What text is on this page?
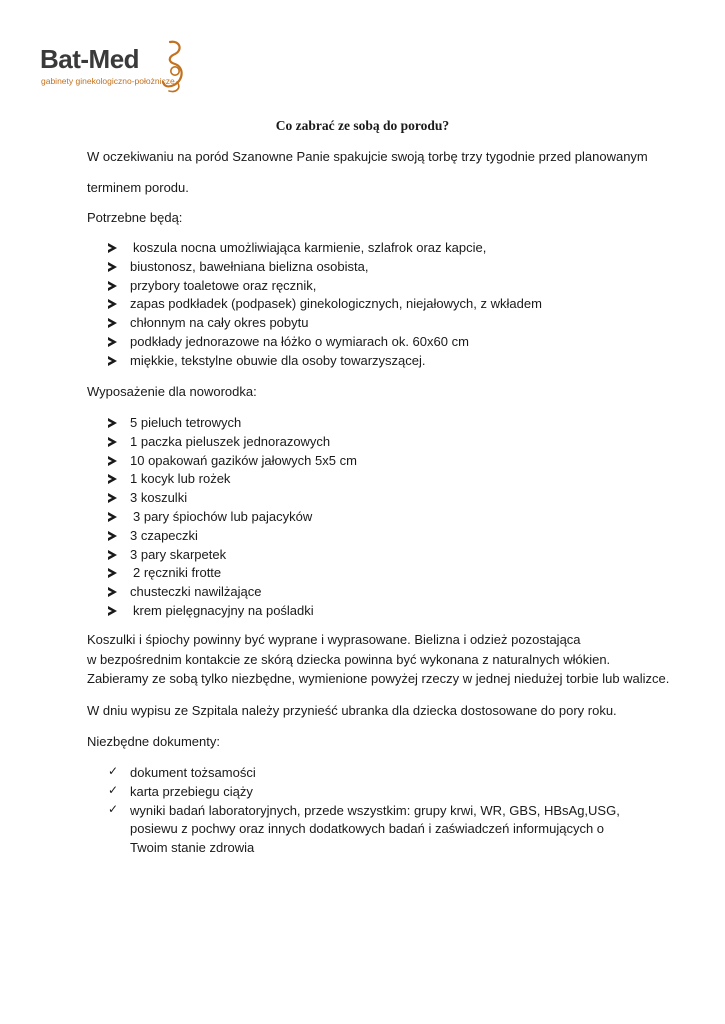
Bat-Med
gabinety ginekologiczno-położnicze
Co zabrać ze sobą do porodu?
W oczekiwaniu na poród Szanowne Panie spakujcie swoją torbę trzy tygodnie przed planowanym
terminem porodu.
Potrzebne będą:
koszula nocna umożliwiająca karmienie, szlafrok oraz kapcie,
biustonosz, bawełniana bielizna osobista,
przybory toaletowe oraz ręcznik,
zapas podkładek (podpasek) ginekologicznych, niejałowych, z wkładem
chłonnym na cały okres pobytu
podkłady jednorazowe na łóżko o wymiarach ok. 60x60 cm
miękkie, tekstylne obuwie dla osoby towarzyszącej.
Wyposażenie dla noworodka:
5 pieluch tetrowych
1 paczka pieluszek jednorazowych
10 opakowań gazików jałowych 5x5 cm
1 kocyk lub rożek
3 koszulki
3 pary śpiochów lub pajacyków
3 czapeczki
3 pary skarpetek
2 ręczniki frotte
chusteczki nawilżające
krem pielęgnacyjny na pośladki
Koszulki i śpiochy powinny być wyprane i wyprasowane. Bielizna i odzież pozostająca
w bezpośrednim kontakcie ze skórą dziecka powinna być wykonana z naturalnych włókien.
Zabieramy ze sobą tylko niezbędne, wymienione powyżej rzeczy w jednej niedużej torbie lub walizce.
W dniu wypisu ze Szpitala należy przynieść ubranka dla dziecka dostosowane do pory roku.
Niezbędne dokumenty:
✓ dokument tożsamości
✓ karta przebiegu ciąży
✓ wyniki badań laboratoryjnych, przede wszystkim: grupy krwi, WR, GBS, HBsAg,USG, posiewu z pochwy oraz innych dodatkowych badań i zaświadczeń informujących o Twoim stanie zdrowia
